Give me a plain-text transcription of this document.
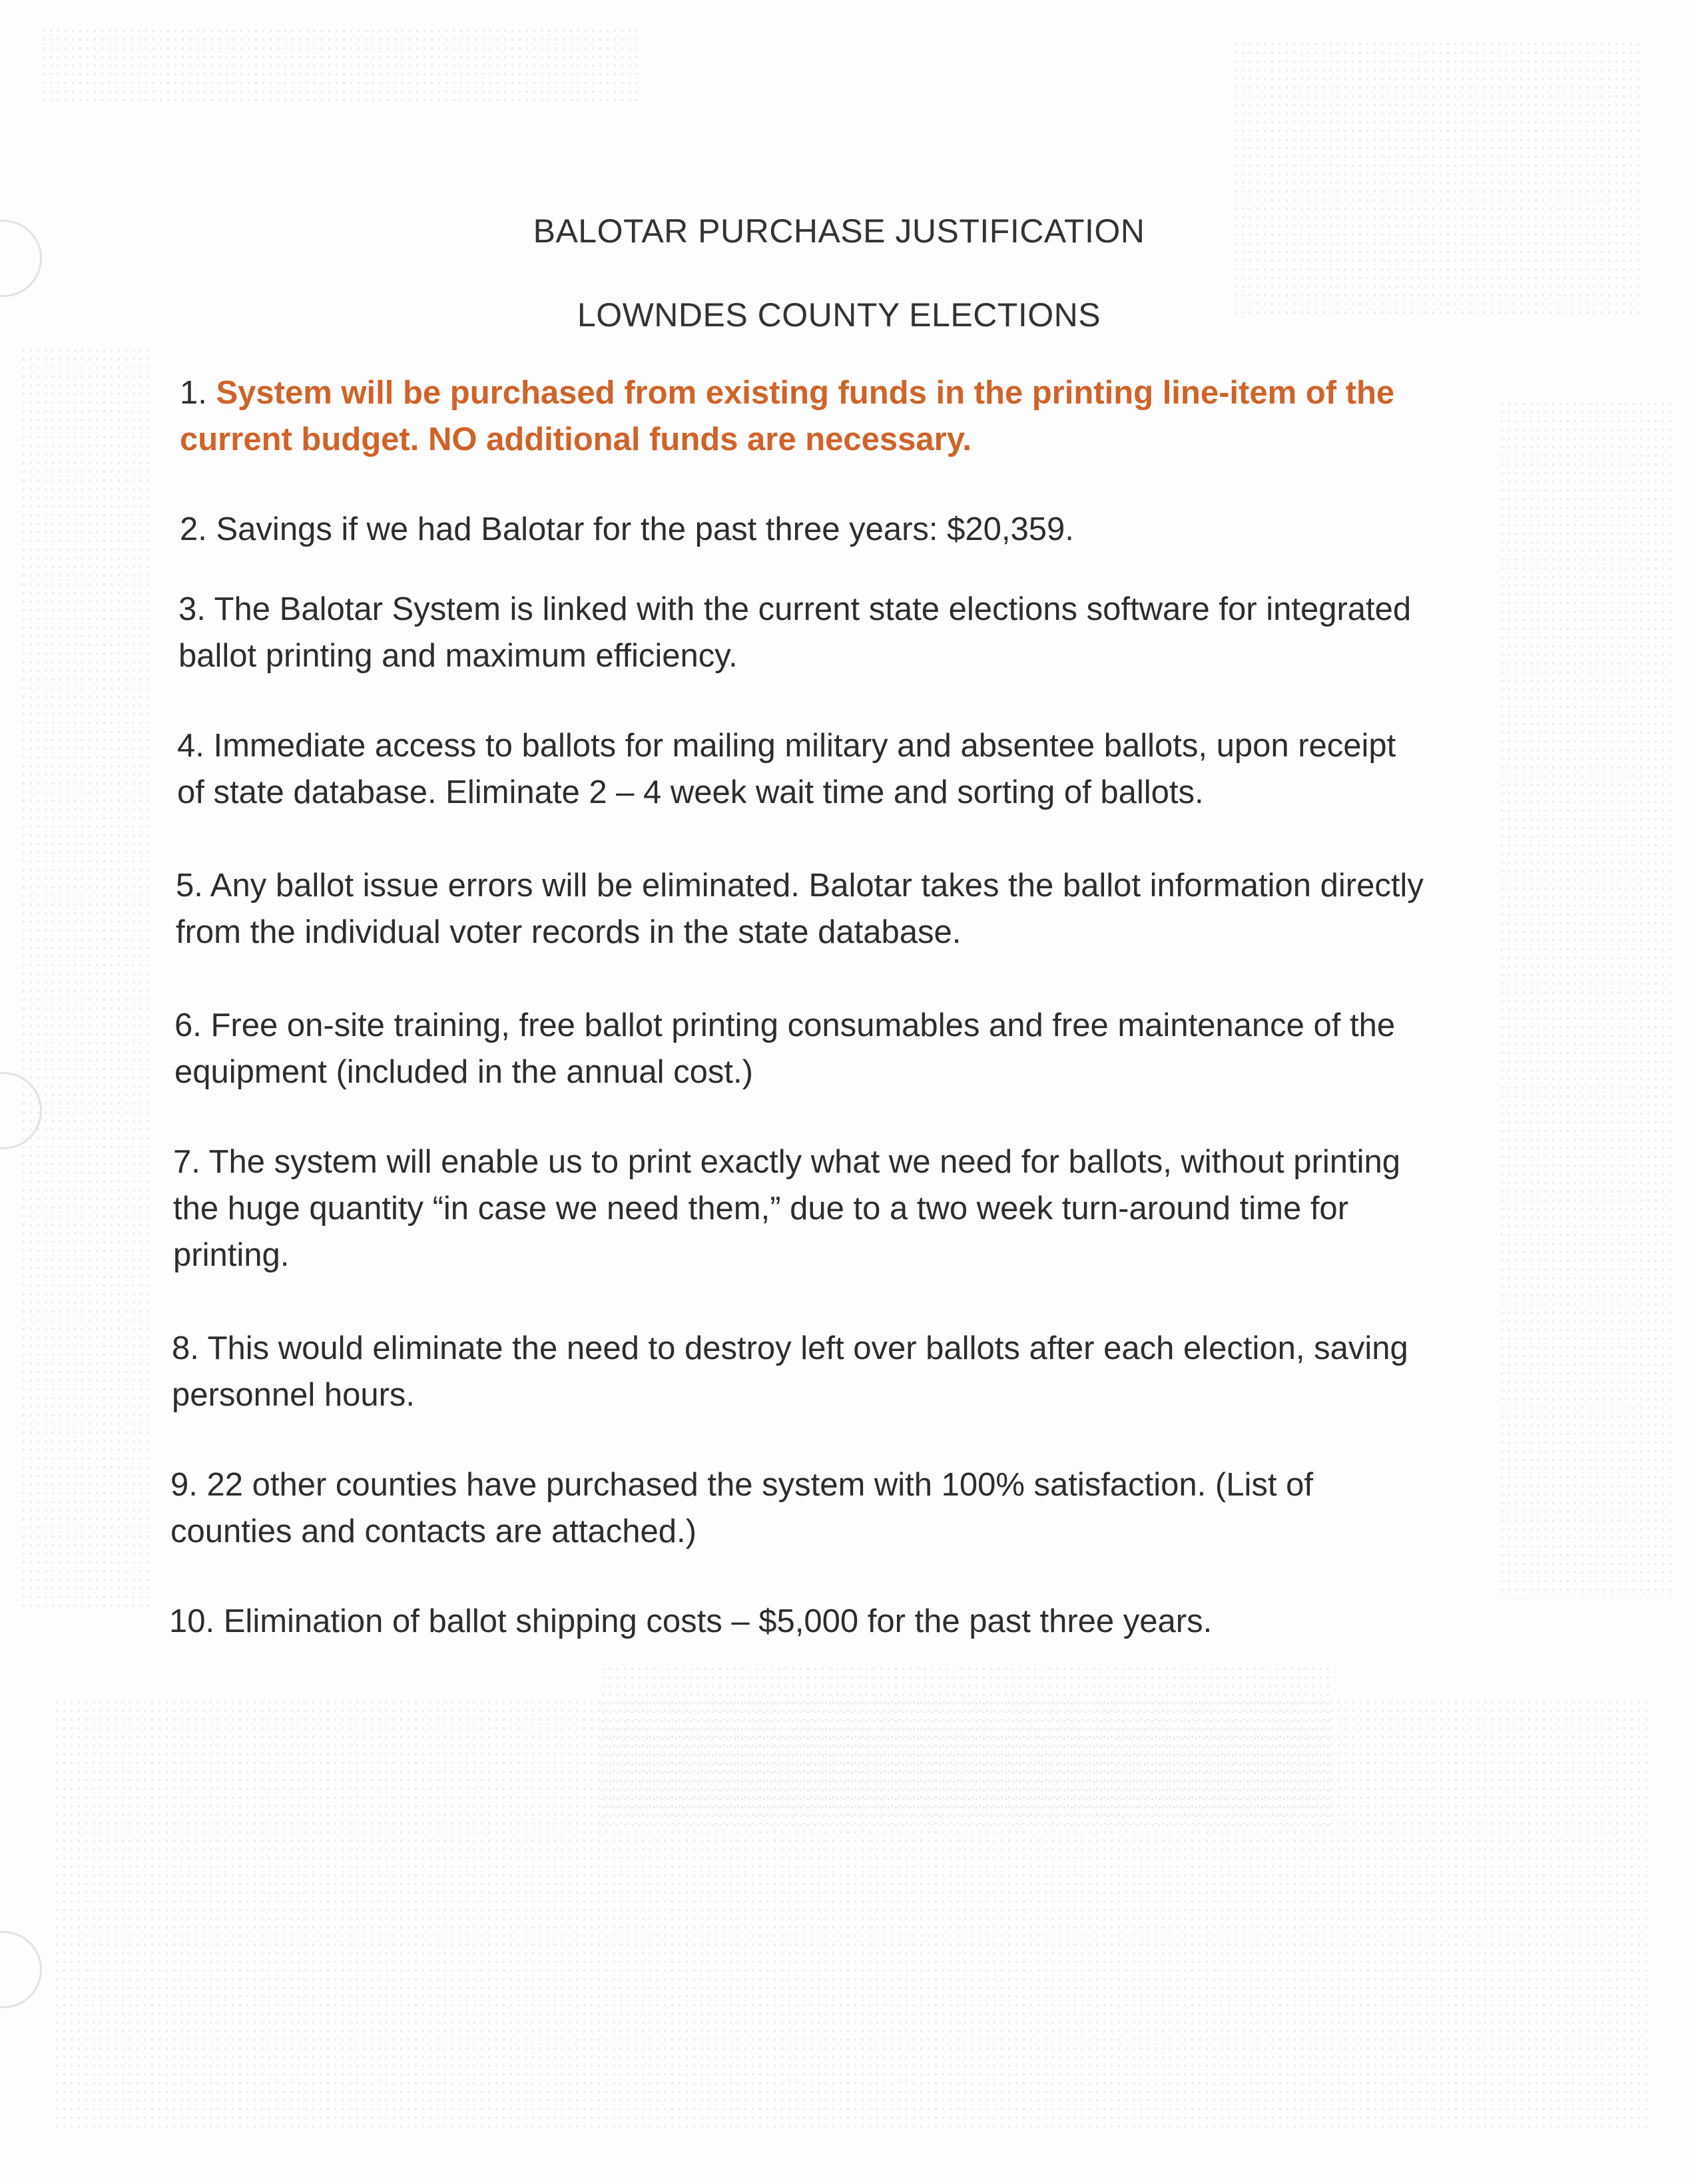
BALOTAR PURCHASE JUSTIFICATION
LOWNDES COUNTY ELECTIONS
1. System will be purchased from existing funds in the printing line-item of the current budget. NO additional funds are necessary.
2. Savings if we had Balotar for the past three years: $20,359.
3. The Balotar System is linked with the current state elections software for integrated ballot printing and maximum efficiency.
4. Immediate access to ballots for mailing military and absentee ballots, upon receipt of state database. Eliminate 2 – 4 week wait time and sorting of ballots.
5. Any ballot issue errors will be eliminated. Balotar takes the ballot information directly from the individual voter records in the state database.
6. Free on-site training, free ballot printing consumables and free maintenance of the equipment (included in the annual cost.)
7. The system will enable us to print exactly what we need for ballots, without printing the huge quantity “in case we need them,” due to a two week turn-around time for printing.
8. This would eliminate the need to destroy left over ballots after each election, saving personnel hours.
9. 22 other counties have purchased the system with 100% satisfaction. (List of counties and contacts are attached.)
10. Elimination of ballot shipping costs – $5,000 for the past three years.
